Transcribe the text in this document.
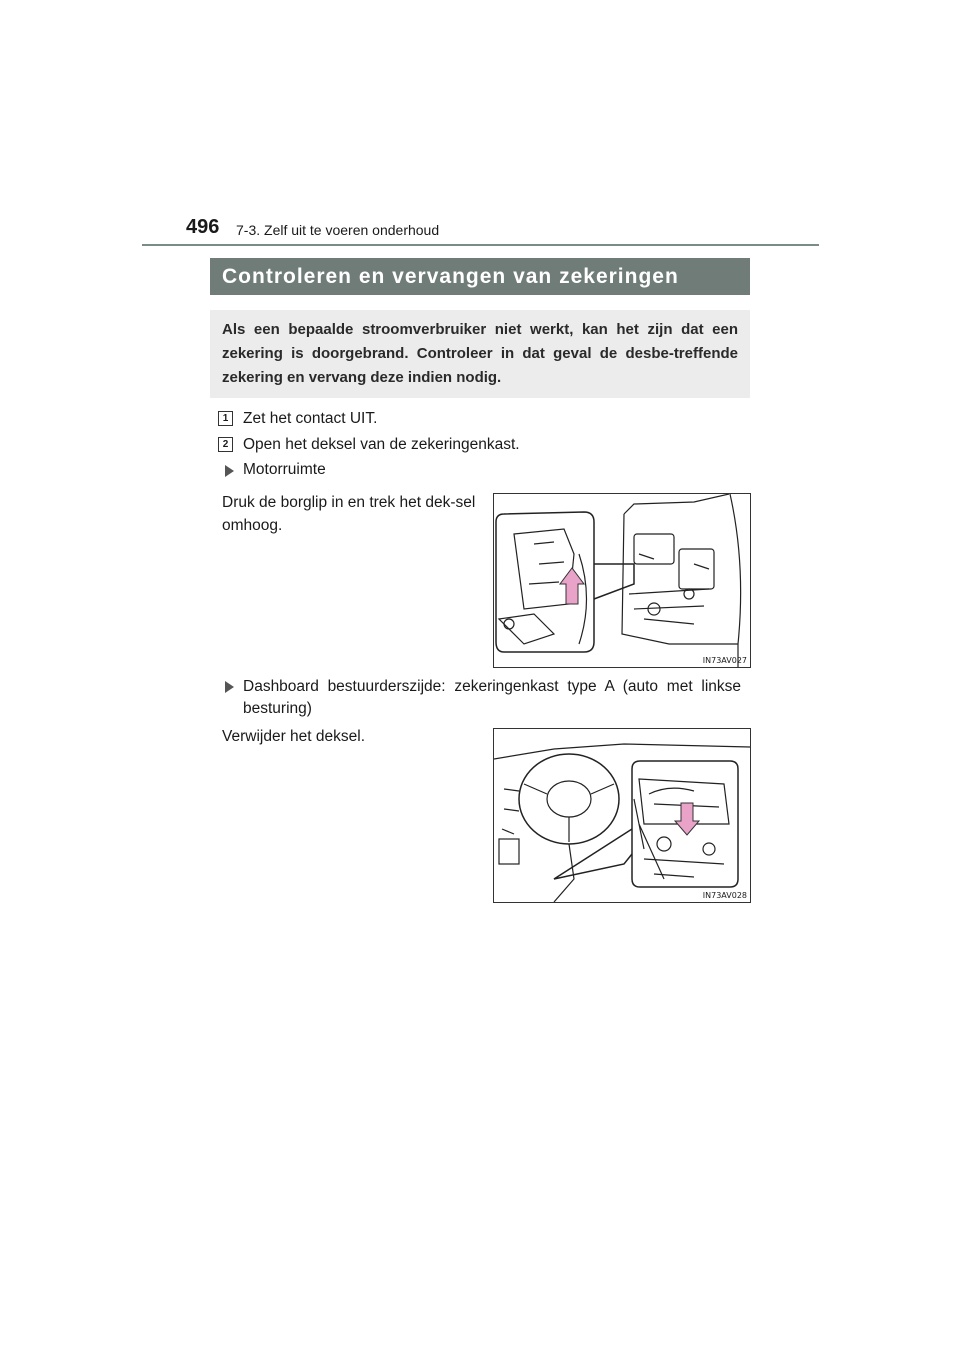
496 7-3. Zelf uit te voeren onderhoud
Controleren en vervangen van zekeringen
Als een bepaalde stroomverbruiker niet werkt, kan het zijn dat een zekering is doorgebrand. Controleer in dat geval de desbe-treffende zekering en vervang deze indien nodig.
1 Zet het contact UIT.
2 Open het deksel van de zekeringenkast.
Motorruimte
Druk de borglip in en trek het dek-sel omhoog.
IN73AV027
Dashboard bestuurderszijde: zekeringenkast type A (auto met linkse besturing)
Verwijder het deksel.
IN73AV028
